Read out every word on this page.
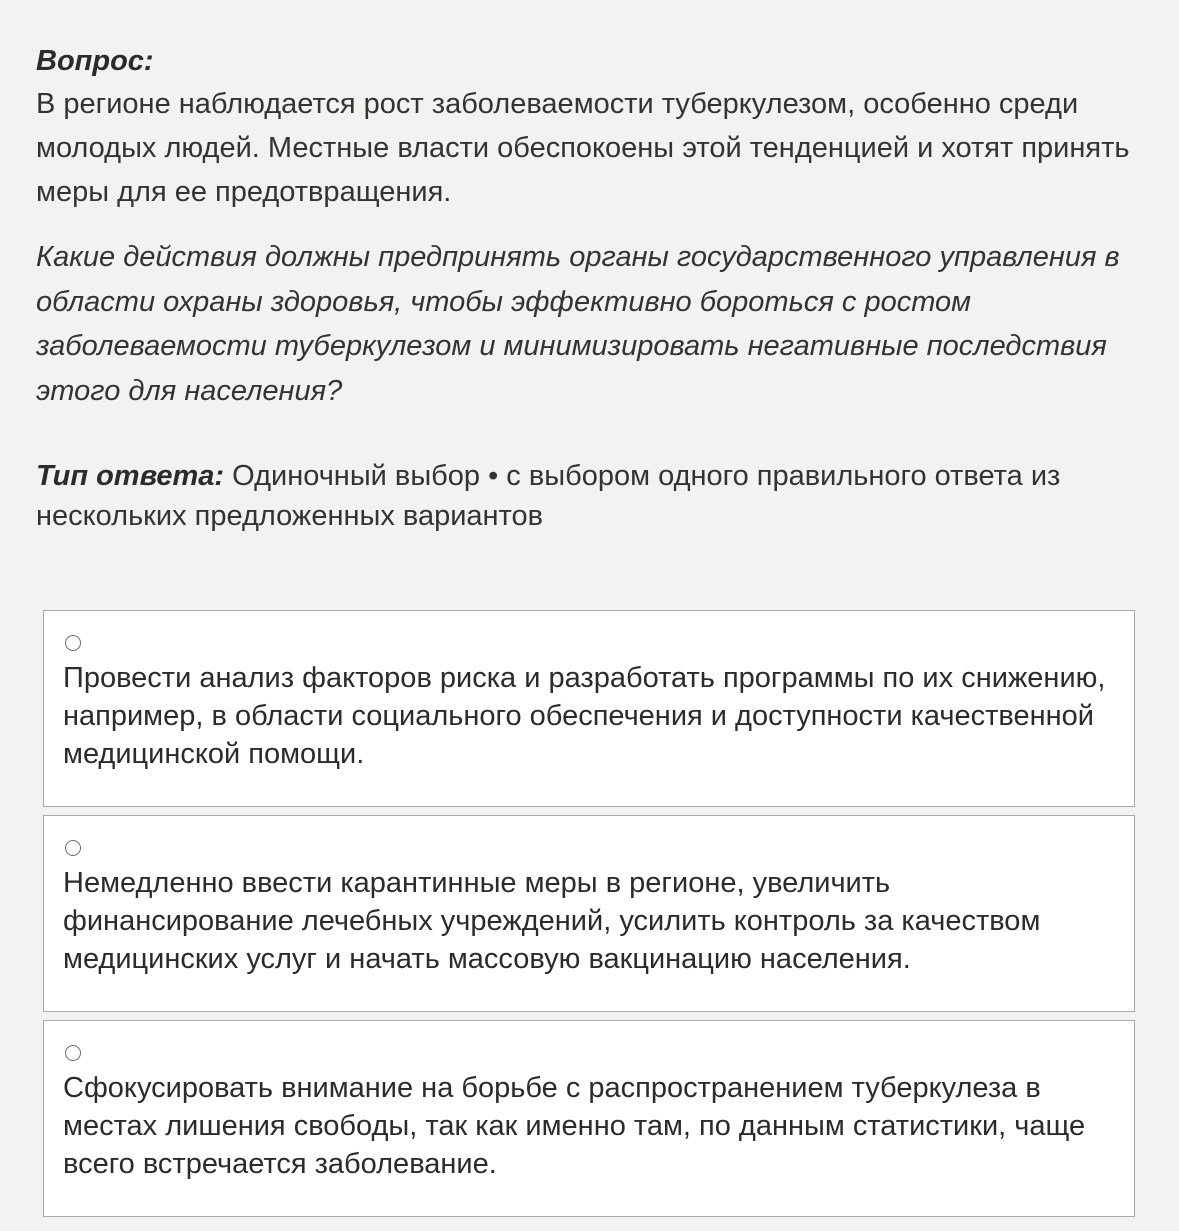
Вопрос:

В регионе наблюдается рост заболеваемости туберкулезом, особенно среди молодых людей. Местные власти обеспокоены этой тенденцией и хотят принять меры для ее предотвращения.

Какие действия должны предпринять органы государственного управления в области охраны здоровья, чтобы эффективно бороться с ростом заболеваемости туберкулезом и минимизировать негативные последствия этого для населения?
Тип ответа: Одиночный выбор • с выбором одного правильного ответа из нескольких предложенных вариантов
Провести анализ факторов риска и разработать программы по их снижению, например, в области социального обеспечения и доступности качественной медицинской помощи.
Немедленно ввести карантинные меры в регионе, увеличить финансирование лечебных учреждений, усилить контроль за качеством медицинских услуг и начать массовую вакцинацию населения.
Сфокусировать внимание на борьбе с распространением туберкулеза в местах лишения свободы, так как именно там, по данным статистики, чаще всего встречается заболевание.
